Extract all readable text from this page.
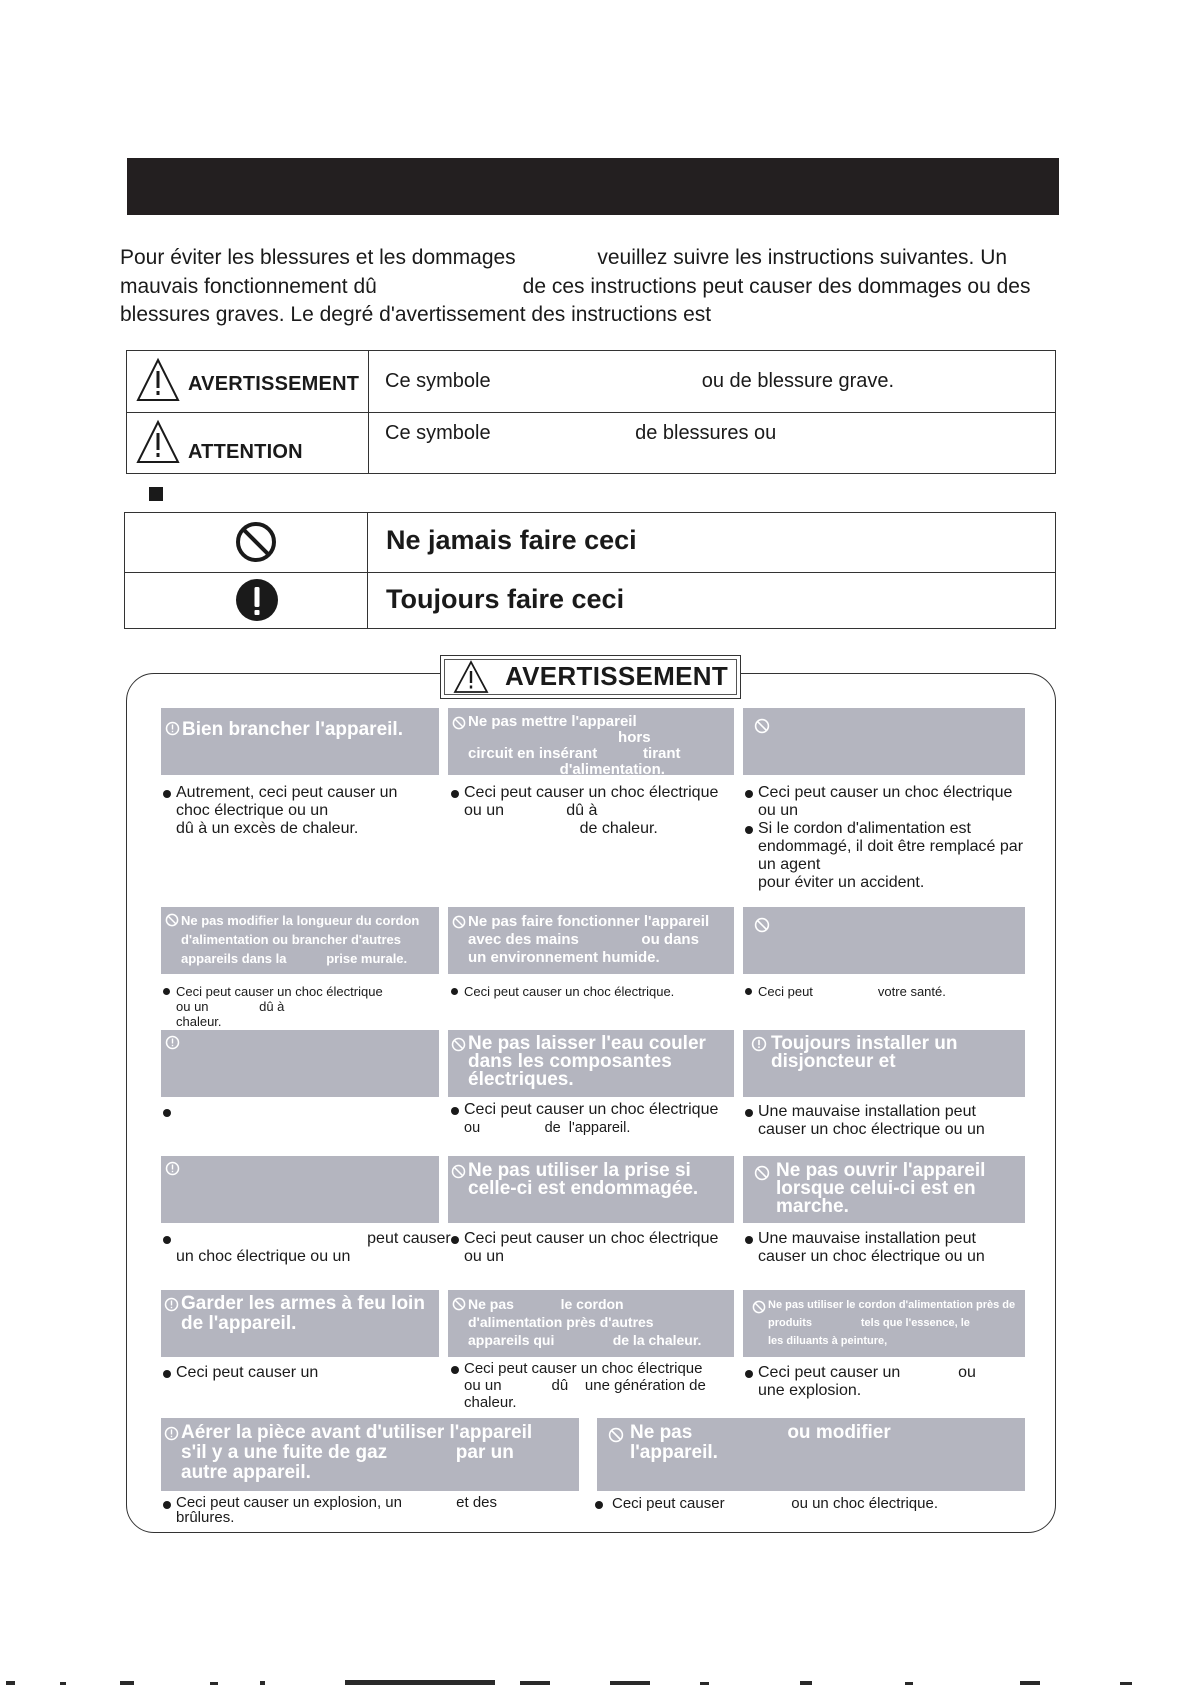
Pour éviter les blessures et les dommages              veuillez suivre les instructions suivantes. Un
mauvais fonctionnement dû                         de ces instructions peut causer des dommages ou des
blessures graves. Le degré d'avertissement des instructions est
AVERTISSEMENT Ce symbole                                      ou de blessure grave.
ATTENTION
Ce symbole                          de blessures ou
Ne jamais faire ceci
Toujours faire ceci
AVERTISSEMENT
Bien brancher l'appareil.
Autrement, ceci peut causer un
choc électrique ou un
dû à un excès de chaleur.
Ne pas mettre l'appareil
hors
circuit en insérant           tirant
d'alimentation.
Ceci peut causer un choc électrique
ou un              dû à
de chaleur.
Ceci peut causer un choc électrique
ou un
Si le cordon d'alimentation est
endommagé, il doit être remplacé par
un agent
pour éviter un accident.
Ne pas modifier la longueur du cordon
d'alimentation ou brancher d'autres
appareils dans la           prise murale.
Ceci peut causer un choc électrique
ou un              dû à
chaleur.
Ne pas faire fonctionner l'appareil
avec des mains               ou dans
un environnement humide.
Ceci peut causer un choc électrique.	Ceci peut                  votre santé.
Ne pas laisser l'eau couler
dans les composantes
électriques.
Ceci peut causer un choc électrique
ou                de  l'appareil.
Toujours installer un
disjoncteur et
Une mauvaise installation peut
causer un choc électrique ou un
peut causer
un choc électrique ou un
Ne pas utiliser la prise si
celle-ci est endommagée.
Ceci peut causer un choc électrique
ou un
Ne pas ouvrir l'appareil
lorsque celui-ci est en
marche.
Une mauvaise installation peut
causer un choc électrique ou un
Garder les armes à feu loin
de l'appareil.
Ceci peut causer un
Ne pas            le cordon
d'alimentation près d'autres
appareils qui               de la chaleur.
Ceci peut causer un choc électrique
ou un            dû    une génération de
chaleur.
Ne pas utiliser le cordon d'alimentation près de
produits                tels que l'essence, le
les diluants à peinture,
Ceci peut causer un             ou
une explosion.
Aérer la pièce avant d'utiliser l'appareil
s'il y a une fuite de gaz             par un
autre appareil.
Ceci peut causer un explosion, un             et des
brûlures.
Ne pas                  ou modifier
l'appareil.
Ceci peut causer                ou un choc électrique.
